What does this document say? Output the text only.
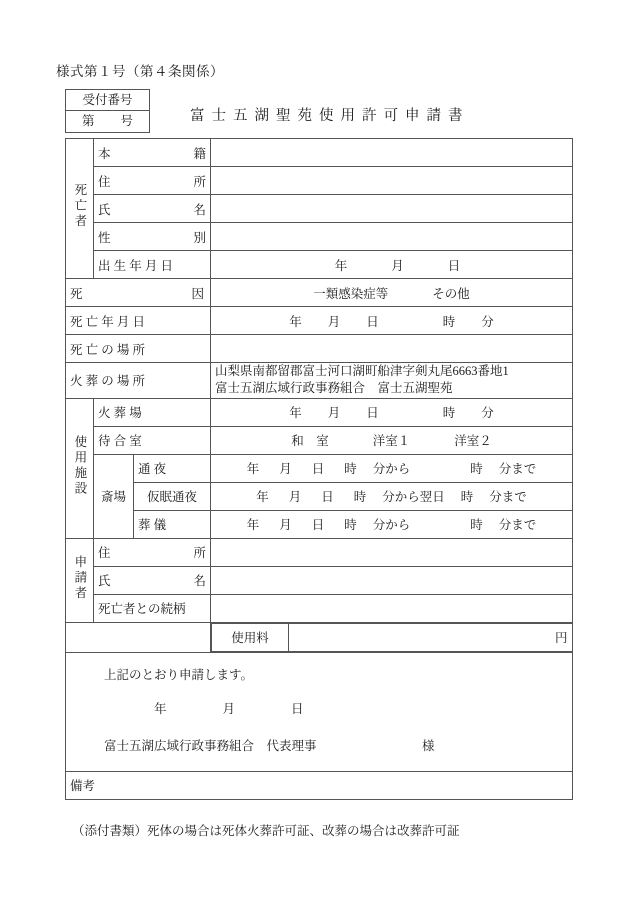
様式第１号（第４条関係）
受付番号
第 号	富 士 五 湖 聖 苑 使 用 許 可 申 請 書
死亡者	
本	籍

住	所

氏	名

性	別

出 生 年 月 日	年	月	日

死	因	一類感染症等	その他
死 亡 年 月 日	年 月 日	時 分
死 亡 の 場 所	
火 葬 の 場 所	
山梨県南都留郡富士河口湖町船津字剣丸尾6663番地1
富士五湖広域行政事務組合　富士五湖聖苑

使用施設	火 葬 場	年 月 日	時 分
待 合 室	和　室	洋室１	洋室２
斎場	
通 夜	年 月 日 時 分から	時 分まで
仮眠通夜	年 月 日 時 分から翌日 時 分まで

葬 儀	年 月 日 時 分から	時 分まで
申請者	
住	所

氏	名

死亡者との続柄	

使用料	円

上記のとおり申請します。
年	月	日
富士五湖広域行政事務組合　代表理事	様

備考
（添付書類）死体の場合は死体火葬許可証、改葬の場合は改葬許可証
